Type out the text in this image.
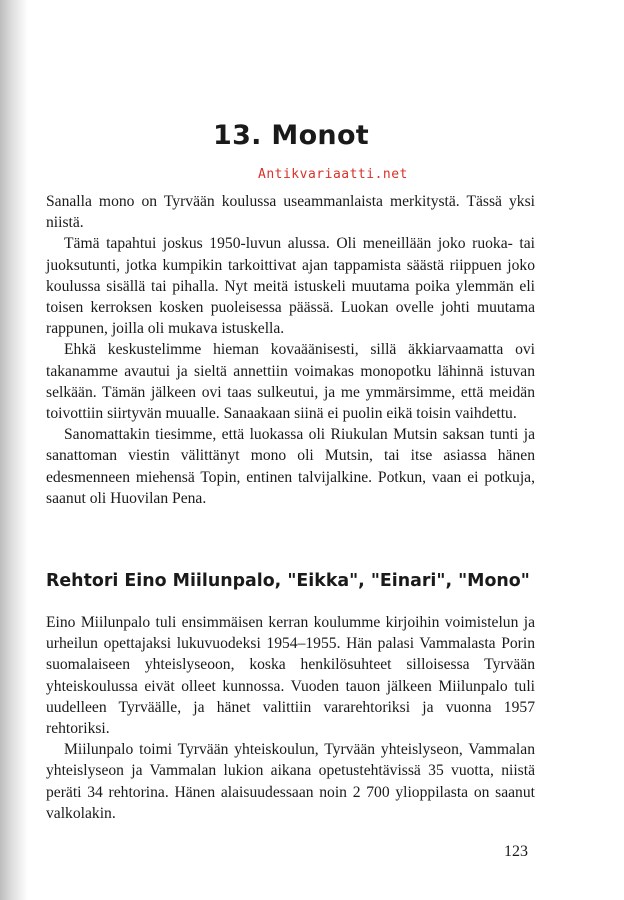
13. Monot

Sanalla mono on Tyrvään koulussa useammanlaista merkitystä. Tässä yksi niistä.

Tämä tapahtui joskus 1950-luvun alussa. Oli meneillään joko ruoka- tai juoksutunti, jotka kumpikin tarkoittivat ajan tappamista säästä riippuen joko koulussa sisällä tai pihalla. Nyt meitä istuskeli muutama poika ylemmän eli toisen kerroksen kosken puoleisessa päässä. Luokan ovelle johti muutama rappunen, joilla oli mukava istuskella.

Ehkä keskustelimme hieman kovaäänisesti, sillä äkkiarvaamatta ovi takanamme avautui ja sieltä annettiin voimakas monopotku lähinnä istuvan selkään. Tämän jälkeen ovi taas sulkeutui, ja me ymmärsimme, että meidän toivottiin siirtyvän muualle. Sanaakaan siinä ei puolin eikä toisin vaihdettu.

Sanomattakin tiesimme, että luokassa oli Riukulan Mutsin saksan tunti ja sanattoman viestin välittänyt mono oli Mutsin, tai itse asiassa hänen edesmenneen miehensä Topin, entinen talvijalkine. Potkun, vaan ei potkuja, saanut oli Huovilan Pena.

Rehtori Eino Miilunpalo, "Eikka", "Einari", "Mono"

Eino Miilunpalo tuli ensimmäisen kerran koulumme kirjoihin voimistelun ja urheilun opettajaksi lukuvuodeksi 1954–1955. Hän palasi Vammalasta Porin suomalaiseen yhteislyseoon, koska henkilösuhteet silloisessa Tyrvään yhteiskoulussa eivät olleet kunnossa. Vuoden tauon jälkeen Miilunpalo tuli uudelleen Tyrväälle, ja hänet valittiin vararehtoriksi ja vuonna 1957 rehtoriksi.

Miilunpalo toimi Tyrvään yhteiskoulun, Tyrvään yhteislyseon, Vammalan yhteislyseon ja Vammalan lukion aikana opetustehtävissä 35 vuotta, niistä peräti 34 rehtorina. Hänen alaisuudessaan noin 2 700 ylioppilasta on saanut valkolakin.

Antikvariaatti.net
123
